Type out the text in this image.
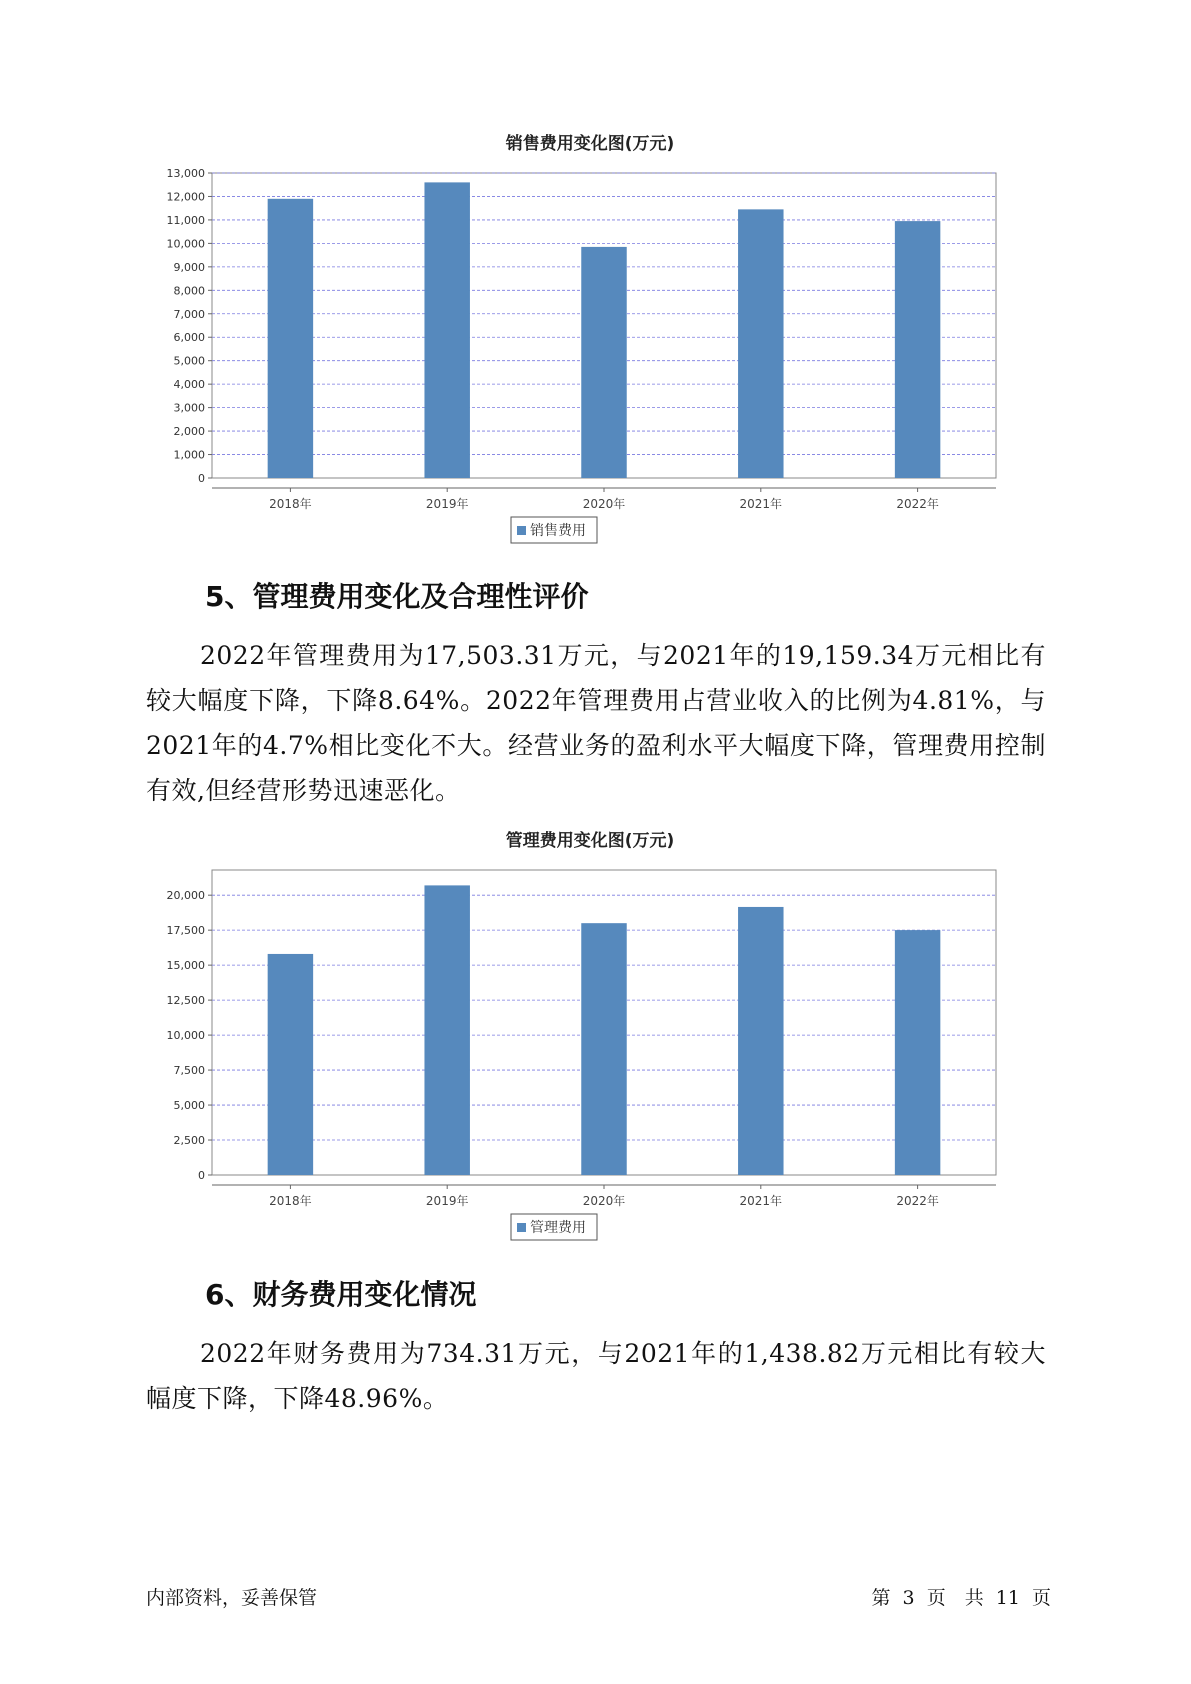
销售费用变化图(万元)
0
1,000
2,000
3,000
4,000
5,000
6,000
7,000
8,000
9,000
10,000
11,000
12,000
13,000
2018年	2019年	2020年	2021年	2022年
销售费用
5、管理费用变化及合理性评价

2022年管理费用为17,503.31万元，与2021年的19,159.34万元相比有较大幅度下降，下降8.64%。2022年管理费用占营业收入的比例为4.81%，与2021年的4.7%相比变化不大。经营业务的盈利水平大幅度下降，管理费用控制有效,但经营形势迅速恶化。

管理费用变化图(万元)
0
2,500
5,000
7,500
10,000
12,500
15,000
17,500
20,000
2018年	2019年	2020年	2021年	2022年
管理费用
6、财务费用变化情况

2022年财务费用为734.31万元，与2021年的1,438.82万元相比有较大幅度下降，下降48.96%。

内部资料，妥善保管	第 3 页　共 11 页
